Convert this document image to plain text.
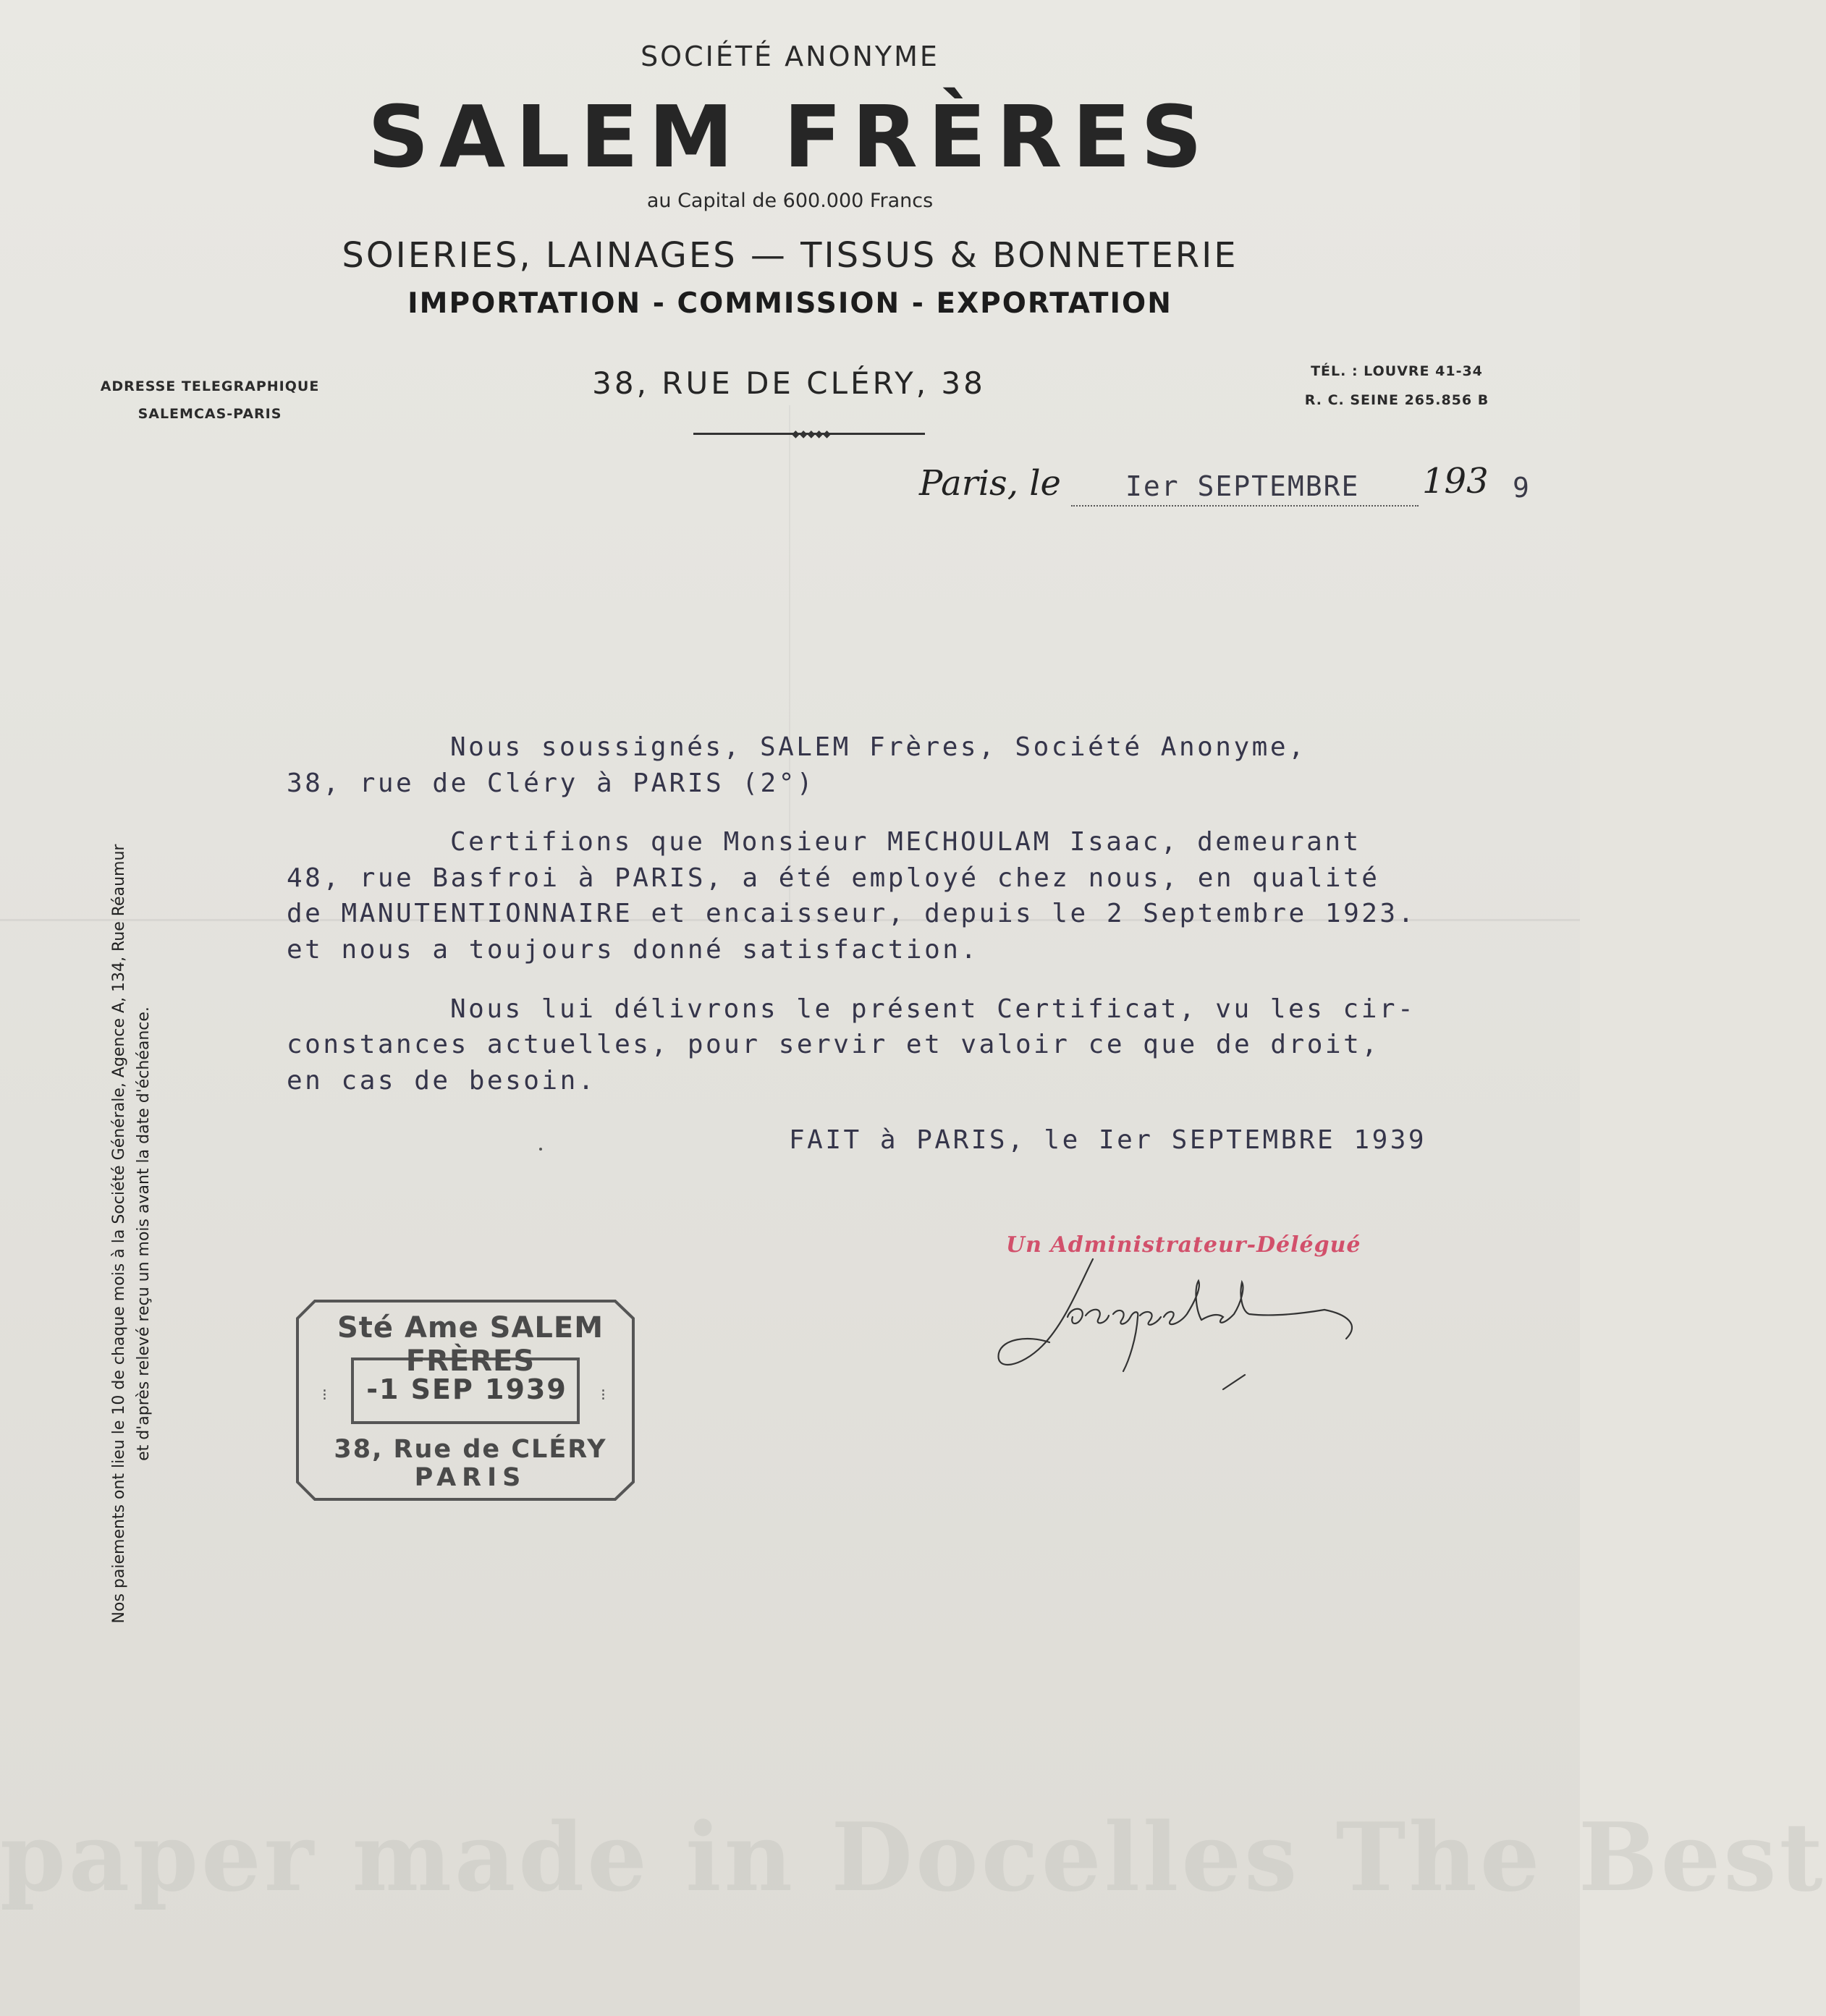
SOCIÉTÉ ANONYME
SALEM FRÈRES
au Capital de 600.000 Francs
SOIERIES, LAINAGES — TISSUS & BONNETERIE
IMPORTATION - COMMISSION - EXPORTATION
ADRESSE TELEGRAPHIQUE
SALEMCAS-PARIS
38, RUE DE CLÉRY, 38
◆◆◆◆◆
TÉL. : LOUVRE 41-34
R. C. SEINE 265.856 B
Paris, le Ier SEPTEMBRE 193 9
Nous soussignés, SALEM Frères, Société Anonyme,
38, rue de Cléry à PARIS (2°)
Certifions que Monsieur MECHOULAM Isaac, demeurant
48, rue Basfroi à PARIS, a été employé chez nous, en qualité
de MANUTENTIONNAIRE et encaisseur, depuis le 2 Septembre 1923.
et nous a toujours donné satisfaction.
Nous lui délivrons le présent Certificat, vu les cir-
constances actuelles, pour servir et valoir ce que de droit,
en cas de besoin.
FAIT à PARIS, le Ier SEPTEMBRE 1939
Un Administrateur-Délégué
⁝	⁝
Sté Ame SALEM FRÈRES
-1 SEP 1939
38, Rue de CLÉRY
PARIS
Nos paiements ont lieu le 10 de chaque mois à la Société Générale, Agence A, 134, Rue Réaumur et d'après relevé reçu un mois avant la date d'échéance.
paper made in Docelles The Best
